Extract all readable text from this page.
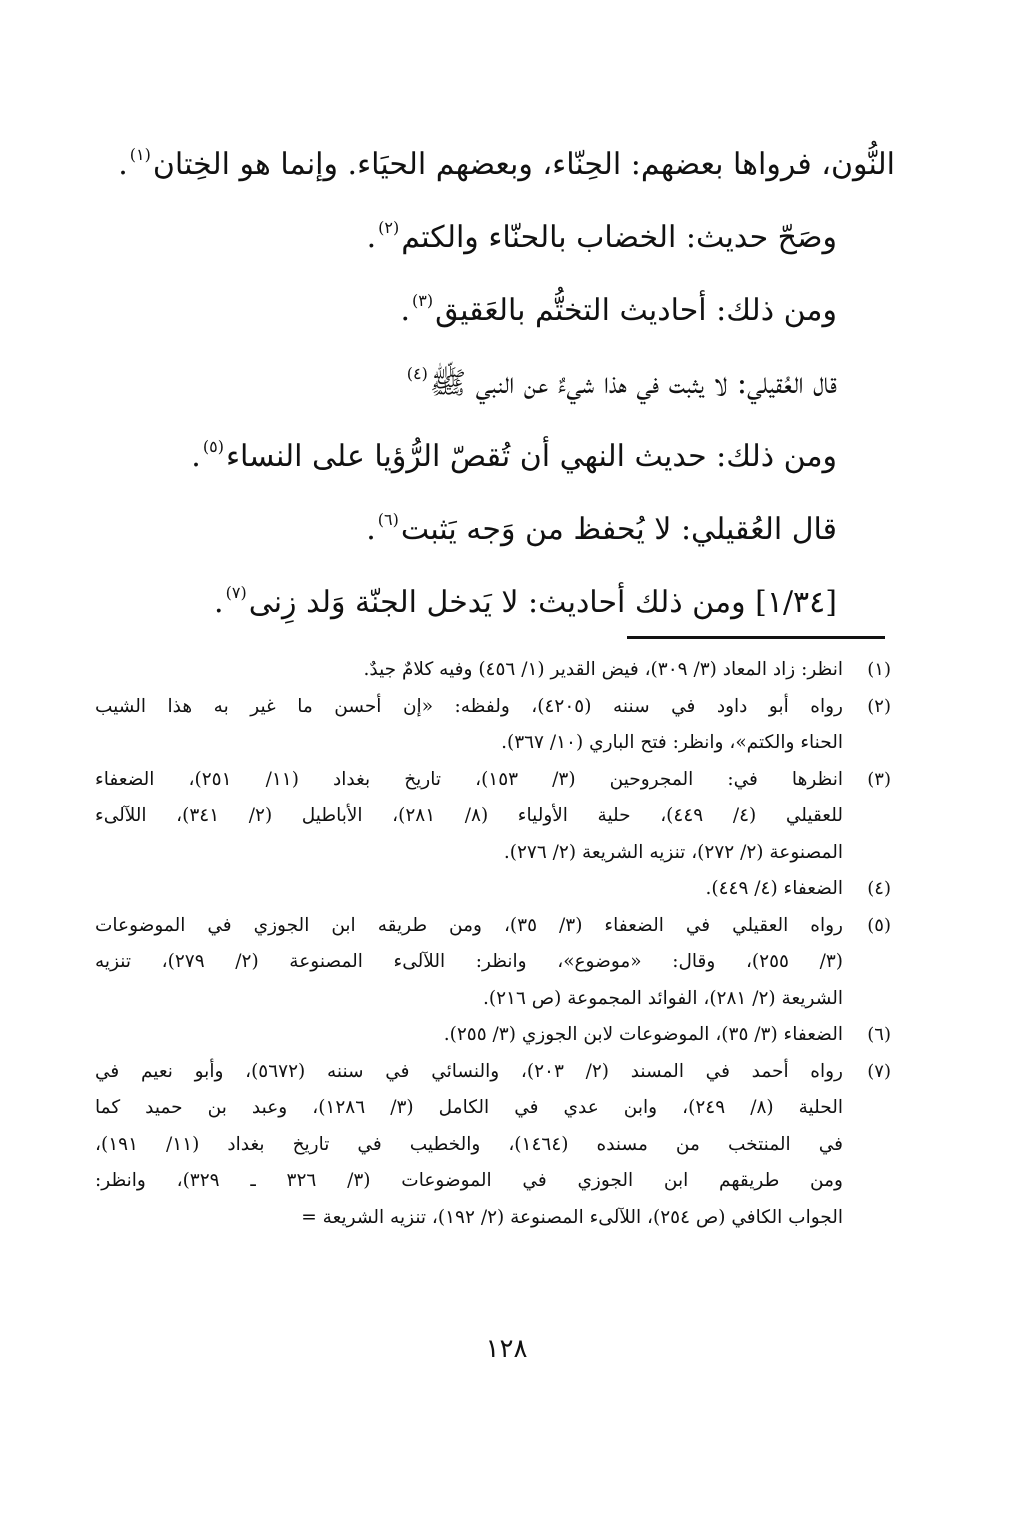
النُّون، فرواها بعضهم: الحِنّاء، وبعضهم الحيَاء. وإنما هو الخِتان$^{(١)}$.
وصَحّ حديث: الخضاب بالحنّاء والكتم$^{(٢)}$.
ومن ذلك: أحاديث التختُّم بالعَقيق$^{(٣)}$.
قال العُقيلي: لا يثبت في هذا شيءٌ عن النبي ﷺ$^{(٤)}$
ومن ذلك: حديث النهي أن تُقصّ الرُّؤيا على النساء$^{(٥)}$.
قال العُقيلي: لا يُحفظ من وَجه يَثبت$^{(٦)}$.
[١/٣٤] ومن ذلك أحاديث: لا يَدخل الجنّة وَلد زِنى$^{(٧)}$.
(١)
انظر: زاد المعاد (٣/ ٣٠٩)، فيض القدير (١/ ٤٥٦) وفيه كلامٌ جيدٌ.
(٢)
رواه أبو داود في سننه (٤٢٠٥)، ولفظه: «إن أحسن ما غير به هذا الشيب
الحناء والكتم»، وانظر: فتح الباري (١٠/ ٣٦٧).
(٣)
انظرها في: المجروحين (٣/ ١٥٣)، تاريخ بغداد (١١/ ٢٥١)، الضعفاء
للعقيلي (٤/ ٤٤٩)، حلية الأولياء (٨/ ٢٨١)، الأباطيل (٢/ ٣٤١)، اللآلىء
المصنوعة (٢/ ٢٧٢)، تنزيه الشريعة (٢/ ٢٧٦).
(٤)
الضعفاء (٤/ ٤٤٩).
(٥)
رواه العقيلي في الضعفاء (٣/ ٣٥)، ومن طريقه ابن الجوزي في الموضوعات
(٣/ ٢٥٥)، وقال: «موضوع»، وانظر: اللآلىء المصنوعة (٢/ ٢٧٩)، تنزيه
الشريعة (٢/ ٢٨١)، الفوائد المجموعة (ص ٢١٦).
(٦)
الضعفاء (٣/ ٣٥)، الموضوعات لابن الجوزي (٣/ ٢٥٥).
(٧)
رواه أحمد في المسند (٢/ ٢٠٣)، والنسائي في سننه (٥٦٧٢)، وأبو نعيم في
الحلية (٨/ ٢٤٩)، وابن عدي في الكامل (٣/ ١٢٨٦)، وعبد بن حميد كما
في المنتخب من مسنده (١٤٦٤)، والخطيب في تاريخ بغداد (١١/ ١٩١)،
ومن طريقهم ابن الجوزي في الموضوعات (٣/ ٣٢٦ ـ ٣٢٩)، وانظر:
الجواب الكافي (ص ٢٥٤)، اللآلىء المصنوعة (٢/ ١٩٢)، تنزيه الشريعة =
١٢٨
